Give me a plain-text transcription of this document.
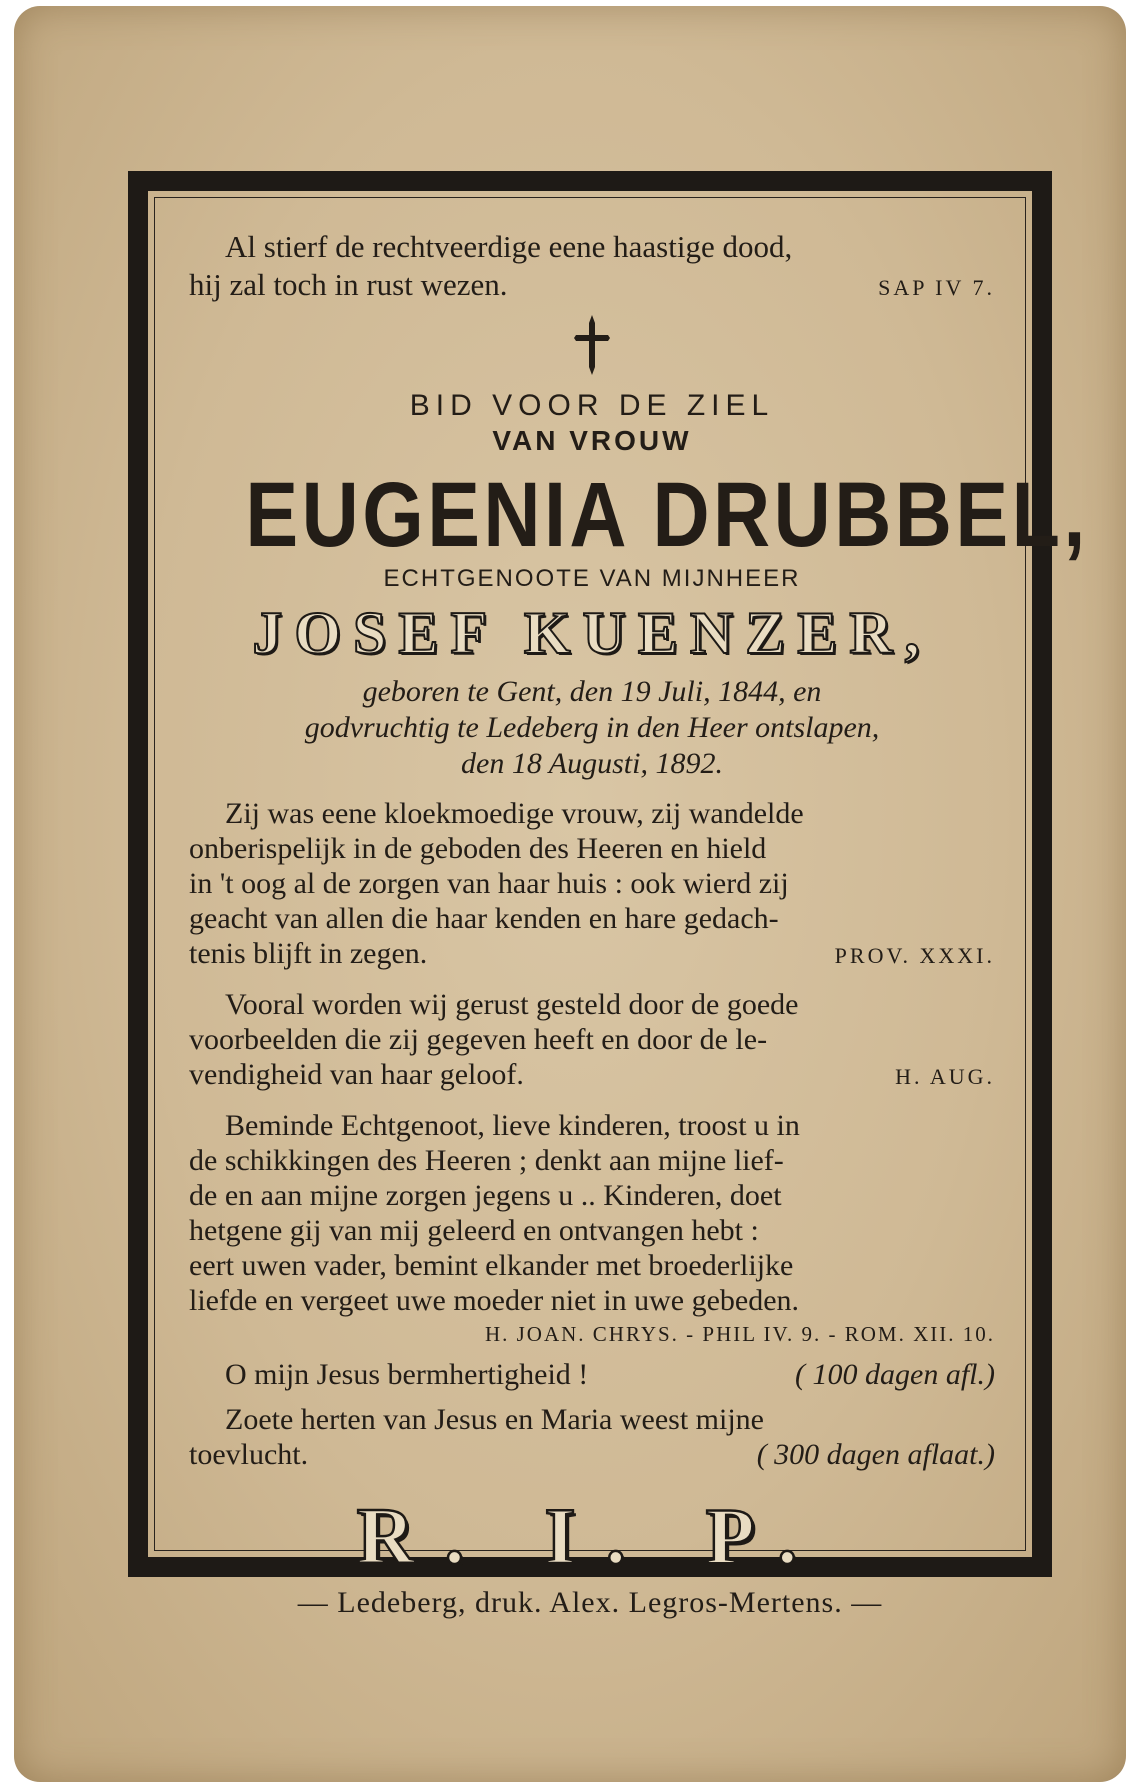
Al stierf de rechtveerdige eene haastige dood,
hij zal toch in rust wezen.	SAP IV 7.
BID VOOR DE ZIEL
VAN VROUW
EUGENIA DRUBBEL,
ECHTGENOOTE VAN MIJNHEER
JOSEF KUENZER,
geboren te Gent, den 19 Juli, 1844, en
godvruchtig te Ledeberg in den Heer ontslapen,
den 18 Augusti, 1892.
Zij was eene kloekmoedige vrouw, zij wandelde
onberispelijk in de geboden des Heeren en hield
in 't oog al de zorgen van haar huis : ook wierd zij
geacht van allen die haar kenden en hare gedach-
tenis blijft in zegen.	PROV. XXXI.
Vooral worden wij gerust gesteld door de goede
voorbeelden die zij gegeven heeft en door de le-
vendigheid van haar geloof.	H. AUG.
Beminde Echtgenoot, lieve kinderen, troost u in
de schikkingen des Heeren ; denkt aan mijne lief-
de en aan mijne zorgen jegens u .. Kinderen, doet
hetgene gij van mij geleerd en ontvangen hebt :
eert uwen vader, bemint elkander met broederlijke
liefde en vergeet uwe moeder niet in uwe gebeden.
H. JOAN. CHRYS. - PHIL IV. 9. - ROM. XII. 10.
O mijn Jesus bermhertigheid !	( 100 dagen afl.)
Zoete herten van Jesus en Maria weest mijne
toevlucht.	( 300 dagen aflaat.)
R. I. P.
— Ledeberg, druk. Alex. Legros-Mertens. —
